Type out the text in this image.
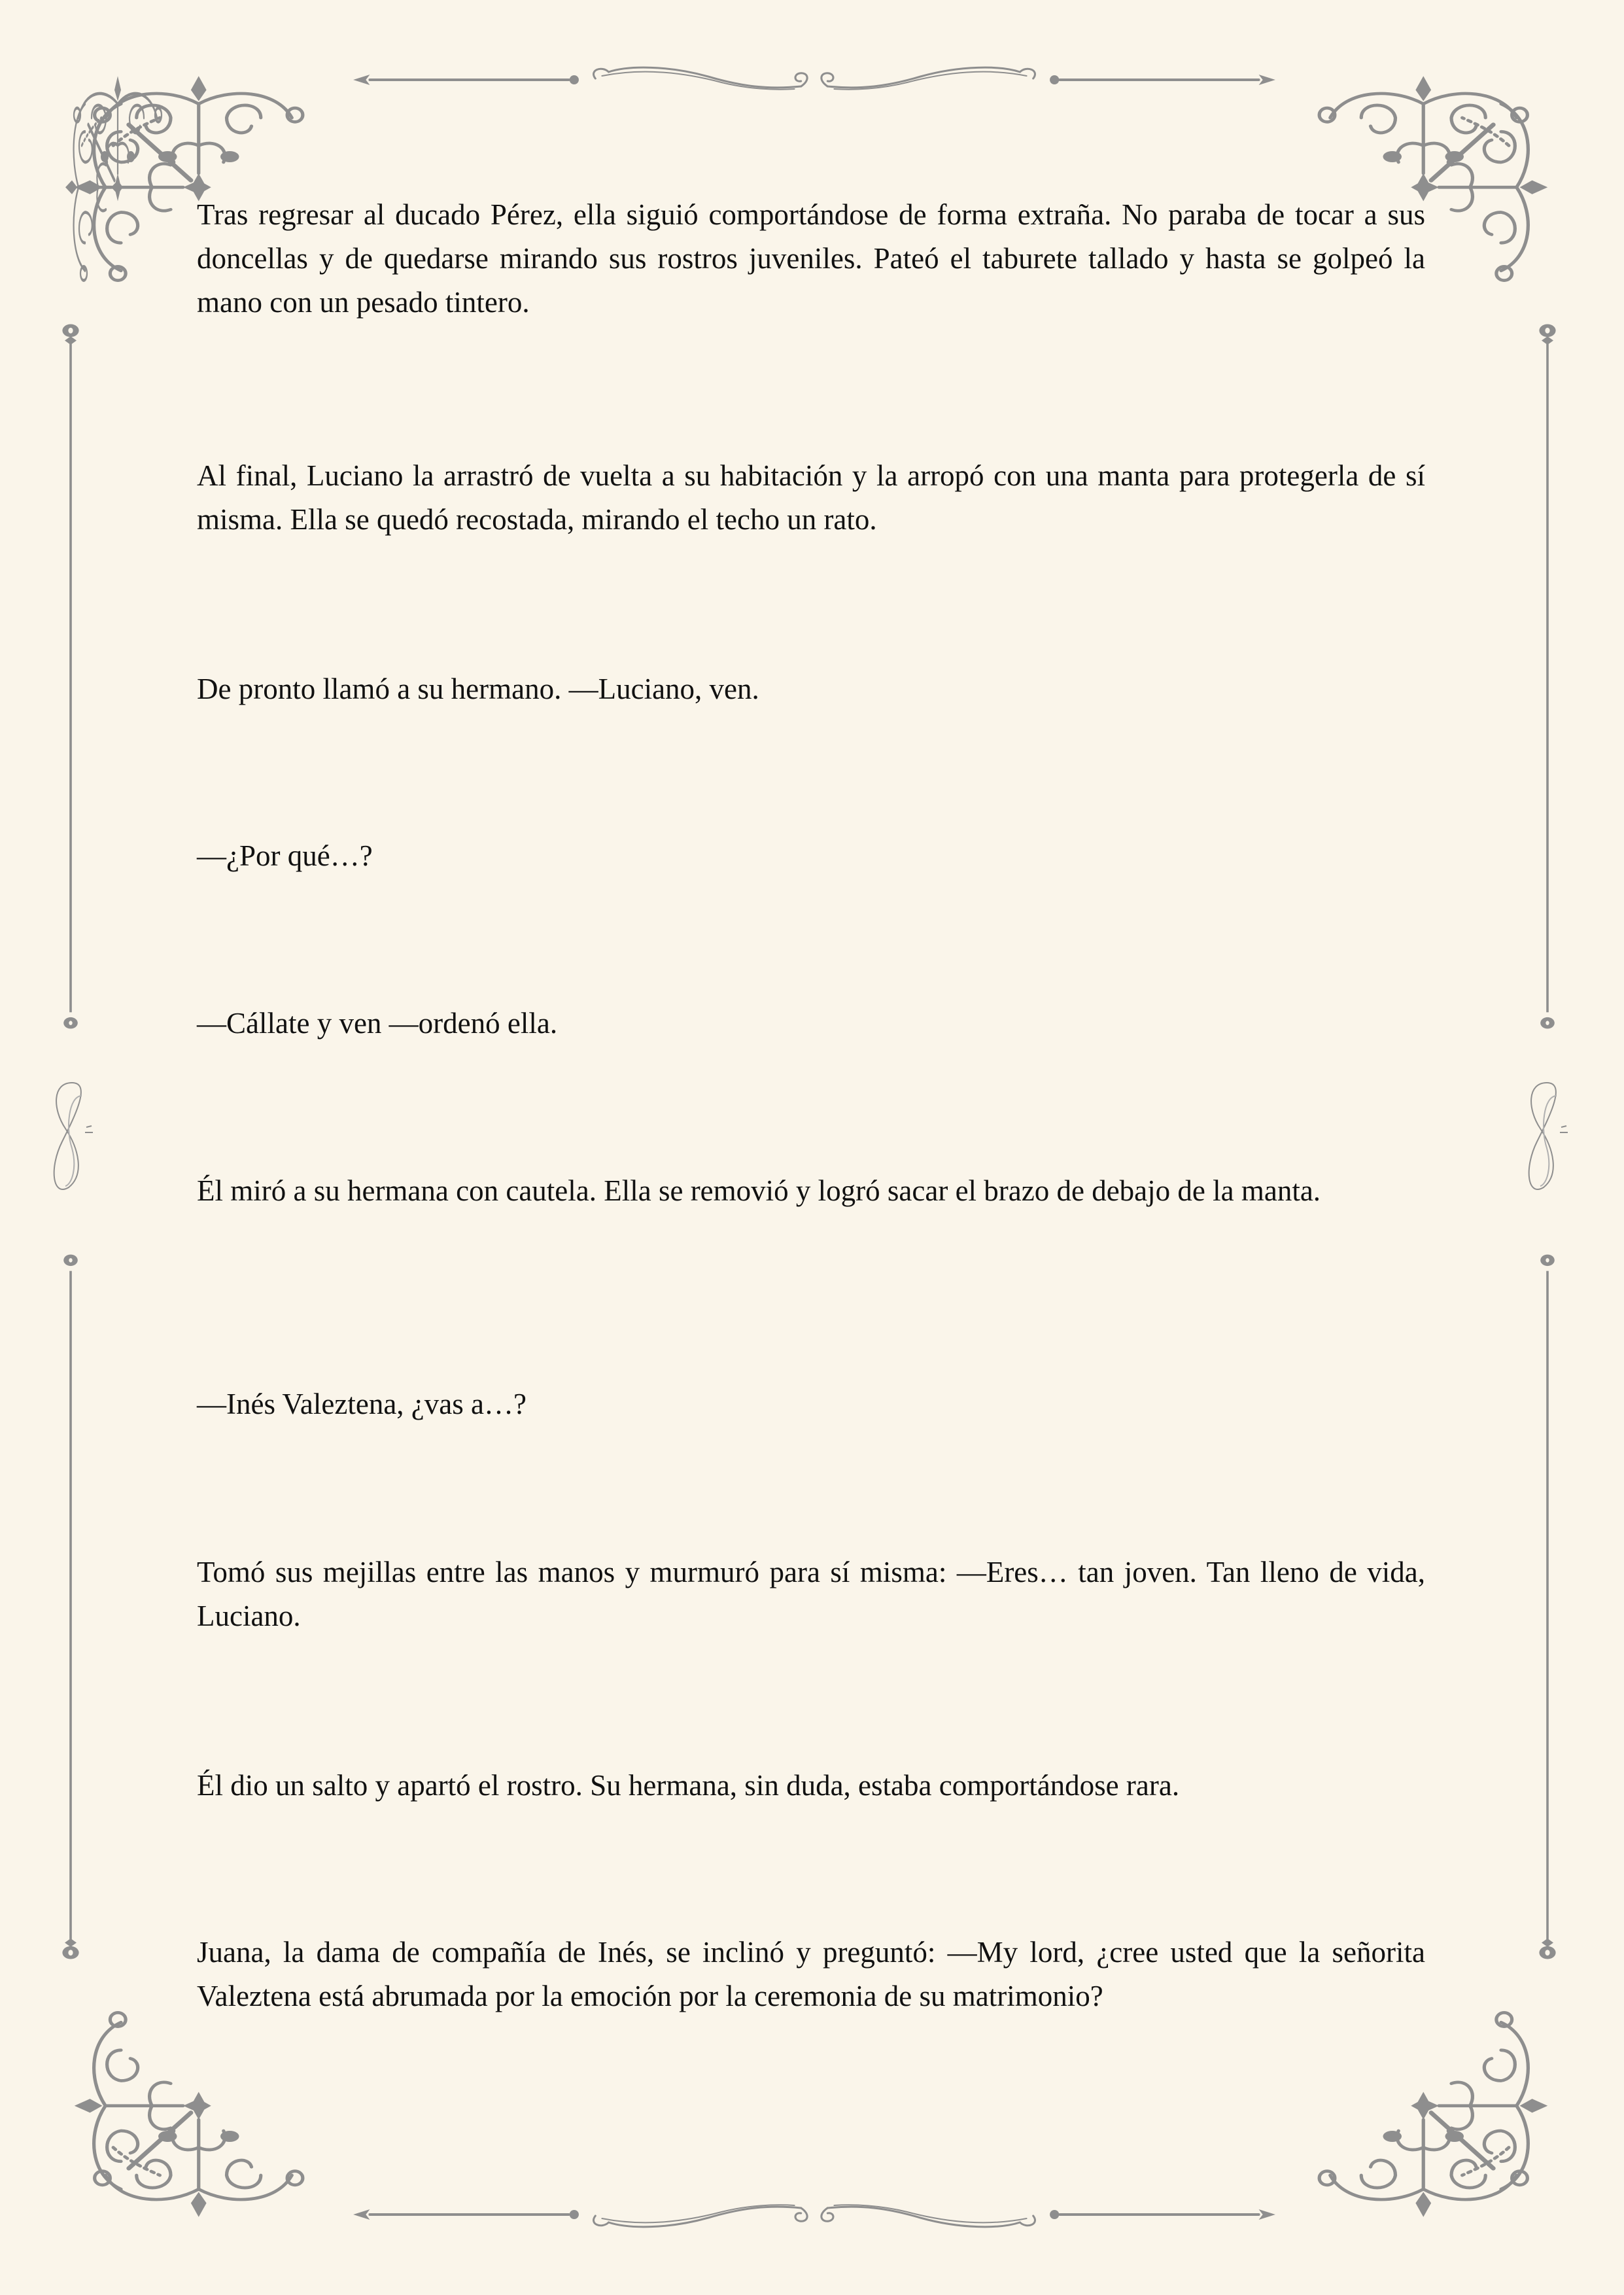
Tras regresar al ducado Pérez, ella siguió comportándose de forma extraña. No paraba de tocar a sus doncellas y de quedarse mirando sus rostros juveniles. Pateó el taburete tallado y hasta se golpeó la mano con un pesado tintero.

Al final, Luciano la arrastró de vuelta a su habitación y la arropó con una manta para protegerla de sí misma. Ella se quedó recostada, mirando el techo un rato.

De pronto llamó a su hermano. —Luciano, ven.

—¿Por qué…?

—Cállate y ven —ordenó ella.

Él miró a su hermana con cautela. Ella se removió y logró sacar el brazo de debajo de la manta.

—Inés Valeztena, ¿vas a…?

Tomó sus mejillas entre las manos y murmuró para sí misma: —Eres… tan joven. Tan lleno de vida, Luciano.

Él dio un salto y apartó el rostro. Su hermana, sin duda, estaba comportándose rara.

Juana, la dama de compañía de Inés, se inclinó y preguntó: —My lord, ¿cree usted que la señorita Valeztena está abrumada por la emoción por la ceremonia de su matrimonio?
